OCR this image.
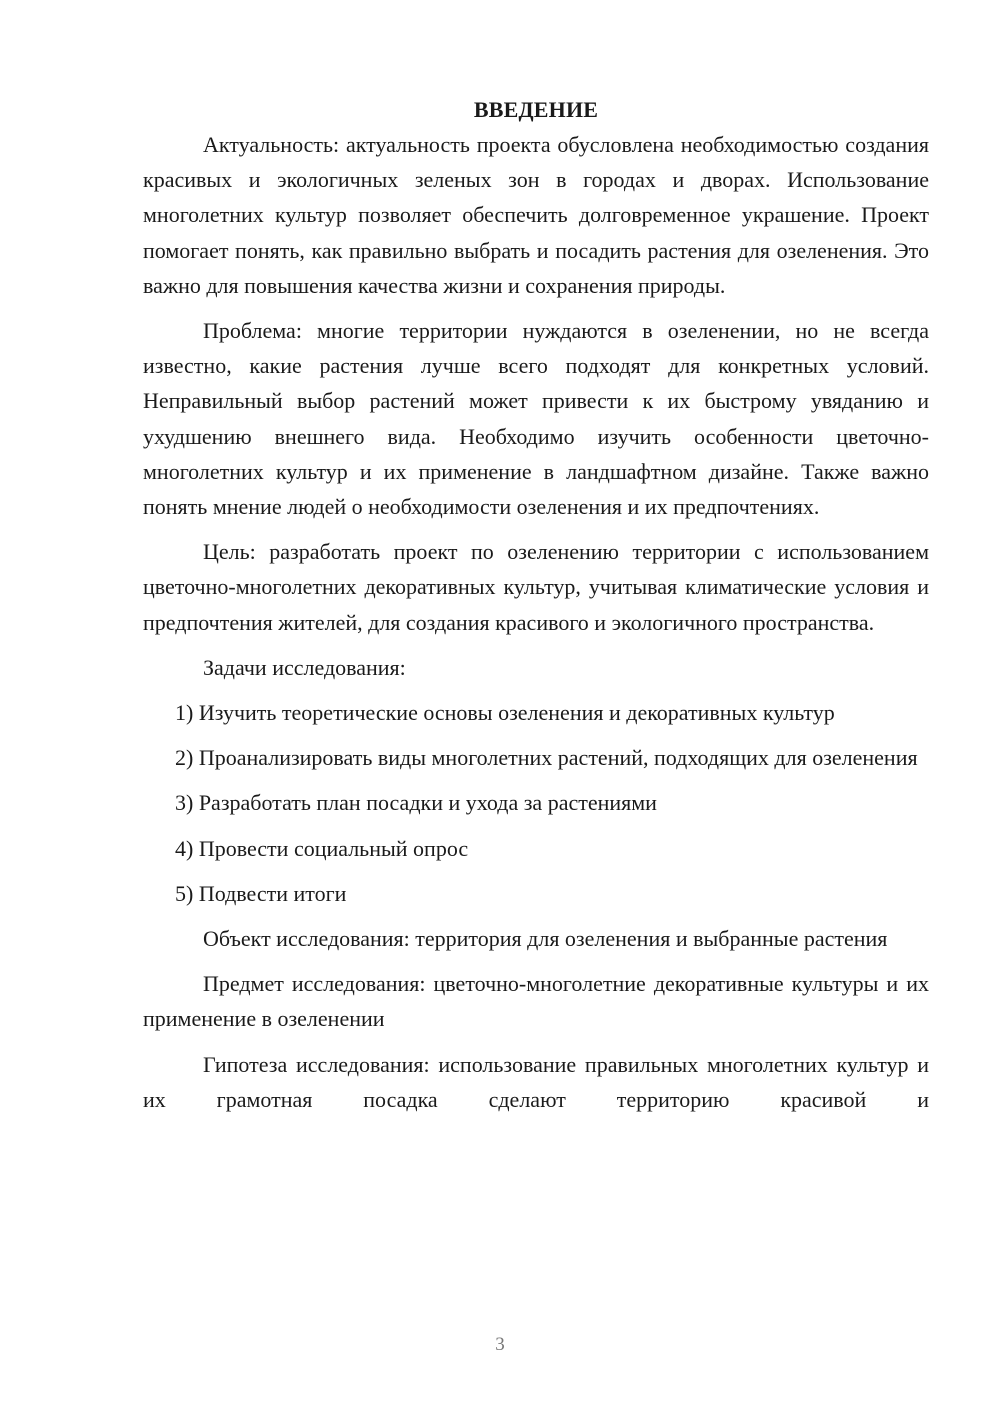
ВВЕДЕНИЕ

Актуальность: актуальность проекта обусловлена необходимостью создания красивых и экологичных зеленых зон в городах и дворах. Использование многолетних культур позволяет обеспечить долговременное украшение. Проект помогает понять, как правильно выбрать и посадить растения для озеленения. Это важно для повышения качества жизни и сохранения природы.

Проблема: многие территории нуждаются в озеленении, но не всегда известно, какие растения лучше всего подходят для конкретных условий. Неправильный выбор растений может привести к их быстрому увяданию и ухудшению внешнего вида. Необходимо изучить особенности цветочно-многолетних культур и их применение в ландшафтном дизайне. Также важно понять мнение людей о необходимости озеленения и их предпочтениях.

Цель: разработать проект по озеленению территории с использованием цветочно-многолетних декоративных культур, учитывая климатические условия и предпочтения жителей, для создания красивого и экологичного пространства.

Задачи исследования:

1) Изучить теоретические основы озеленения и декоративных культур

2) Проанализировать виды многолетних растений, подходящих для озеленения

3) Разработать план посадки и ухода за растениями

4) Провести социальный опрос

5) Подвести итоги

Объект исследования: территория для озеленения и выбранные растения

Предмет исследования: цветочно-многолетние декоративные культуры и их применение в озеленении

Гипотеза исследования: использование правильных многолетних культур и их грамотная посадка сделают территорию красивой и

3
